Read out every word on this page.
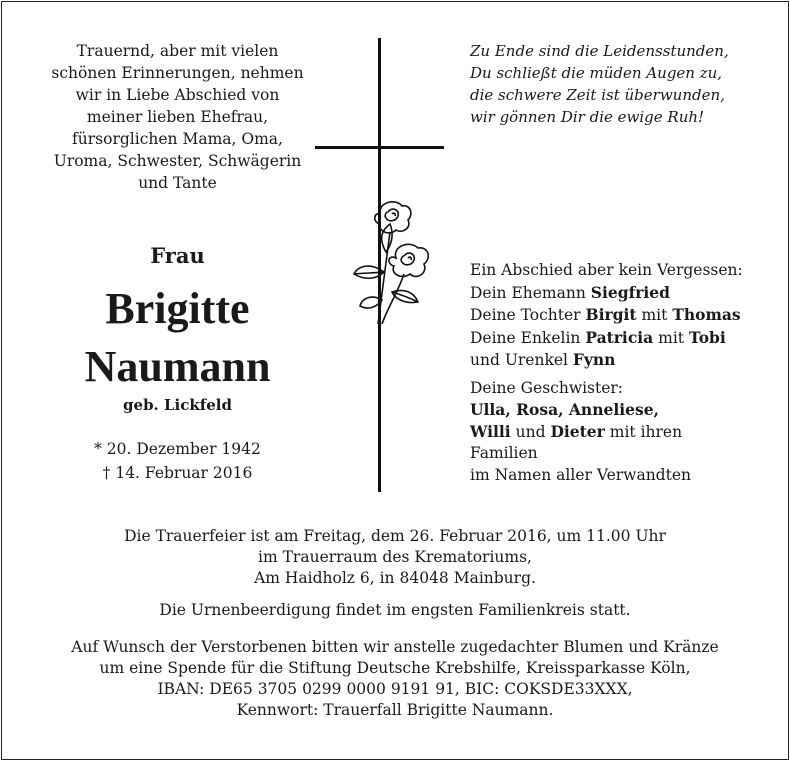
Trauernd, aber mit vielen
schönen Erinnerungen, nehmen
wir in Liebe Abschied von
meiner lieben Ehefrau,
fürsorglichen Mama, Oma,
Uroma, Schwester, Schwägerin
und Tante
Frau
Brigitte
Naumann
geb. Lickfeld
* 20. Dezember 1942
† 14. Februar 2016
Zu Ende sind die Leidensstunden,
Du schließt die müden Augen zu,
die schwere Zeit ist überwunden,
wir gönnen Dir die ewige Ruh!
Ein Abschied aber kein Vergessen:
Dein Ehemann Siegfried
Deine Tochter Birgit mit Thomas
Deine Enkelin Patricia mit Tobi
und Urenkel Fynn
Deine Geschwister:
Ulla, Rosa, Anneliese,
Willi und Dieter mit ihren
Familien
im Namen aller Verwandten
Die Trauerfeier ist am Freitag, dem 26. Februar 2016, um 11.00 Uhr
im Trauerraum des Krematoriums,
Am Haidholz 6, in 84048 Mainburg.
Die Urnenbeerdigung findet im engsten Familienkreis statt.
Auf Wunsch der Verstorbenen bitten wir anstelle zugedachter Blumen und Kränze
um eine Spende für die Stiftung Deutsche Krebshilfe, Kreissparkasse Köln,
IBAN: DE65 3705 0299 0000 9191 91, BIC: COKSDE33XXX,
Kennwort: Trauerfall Brigitte Naumann.
